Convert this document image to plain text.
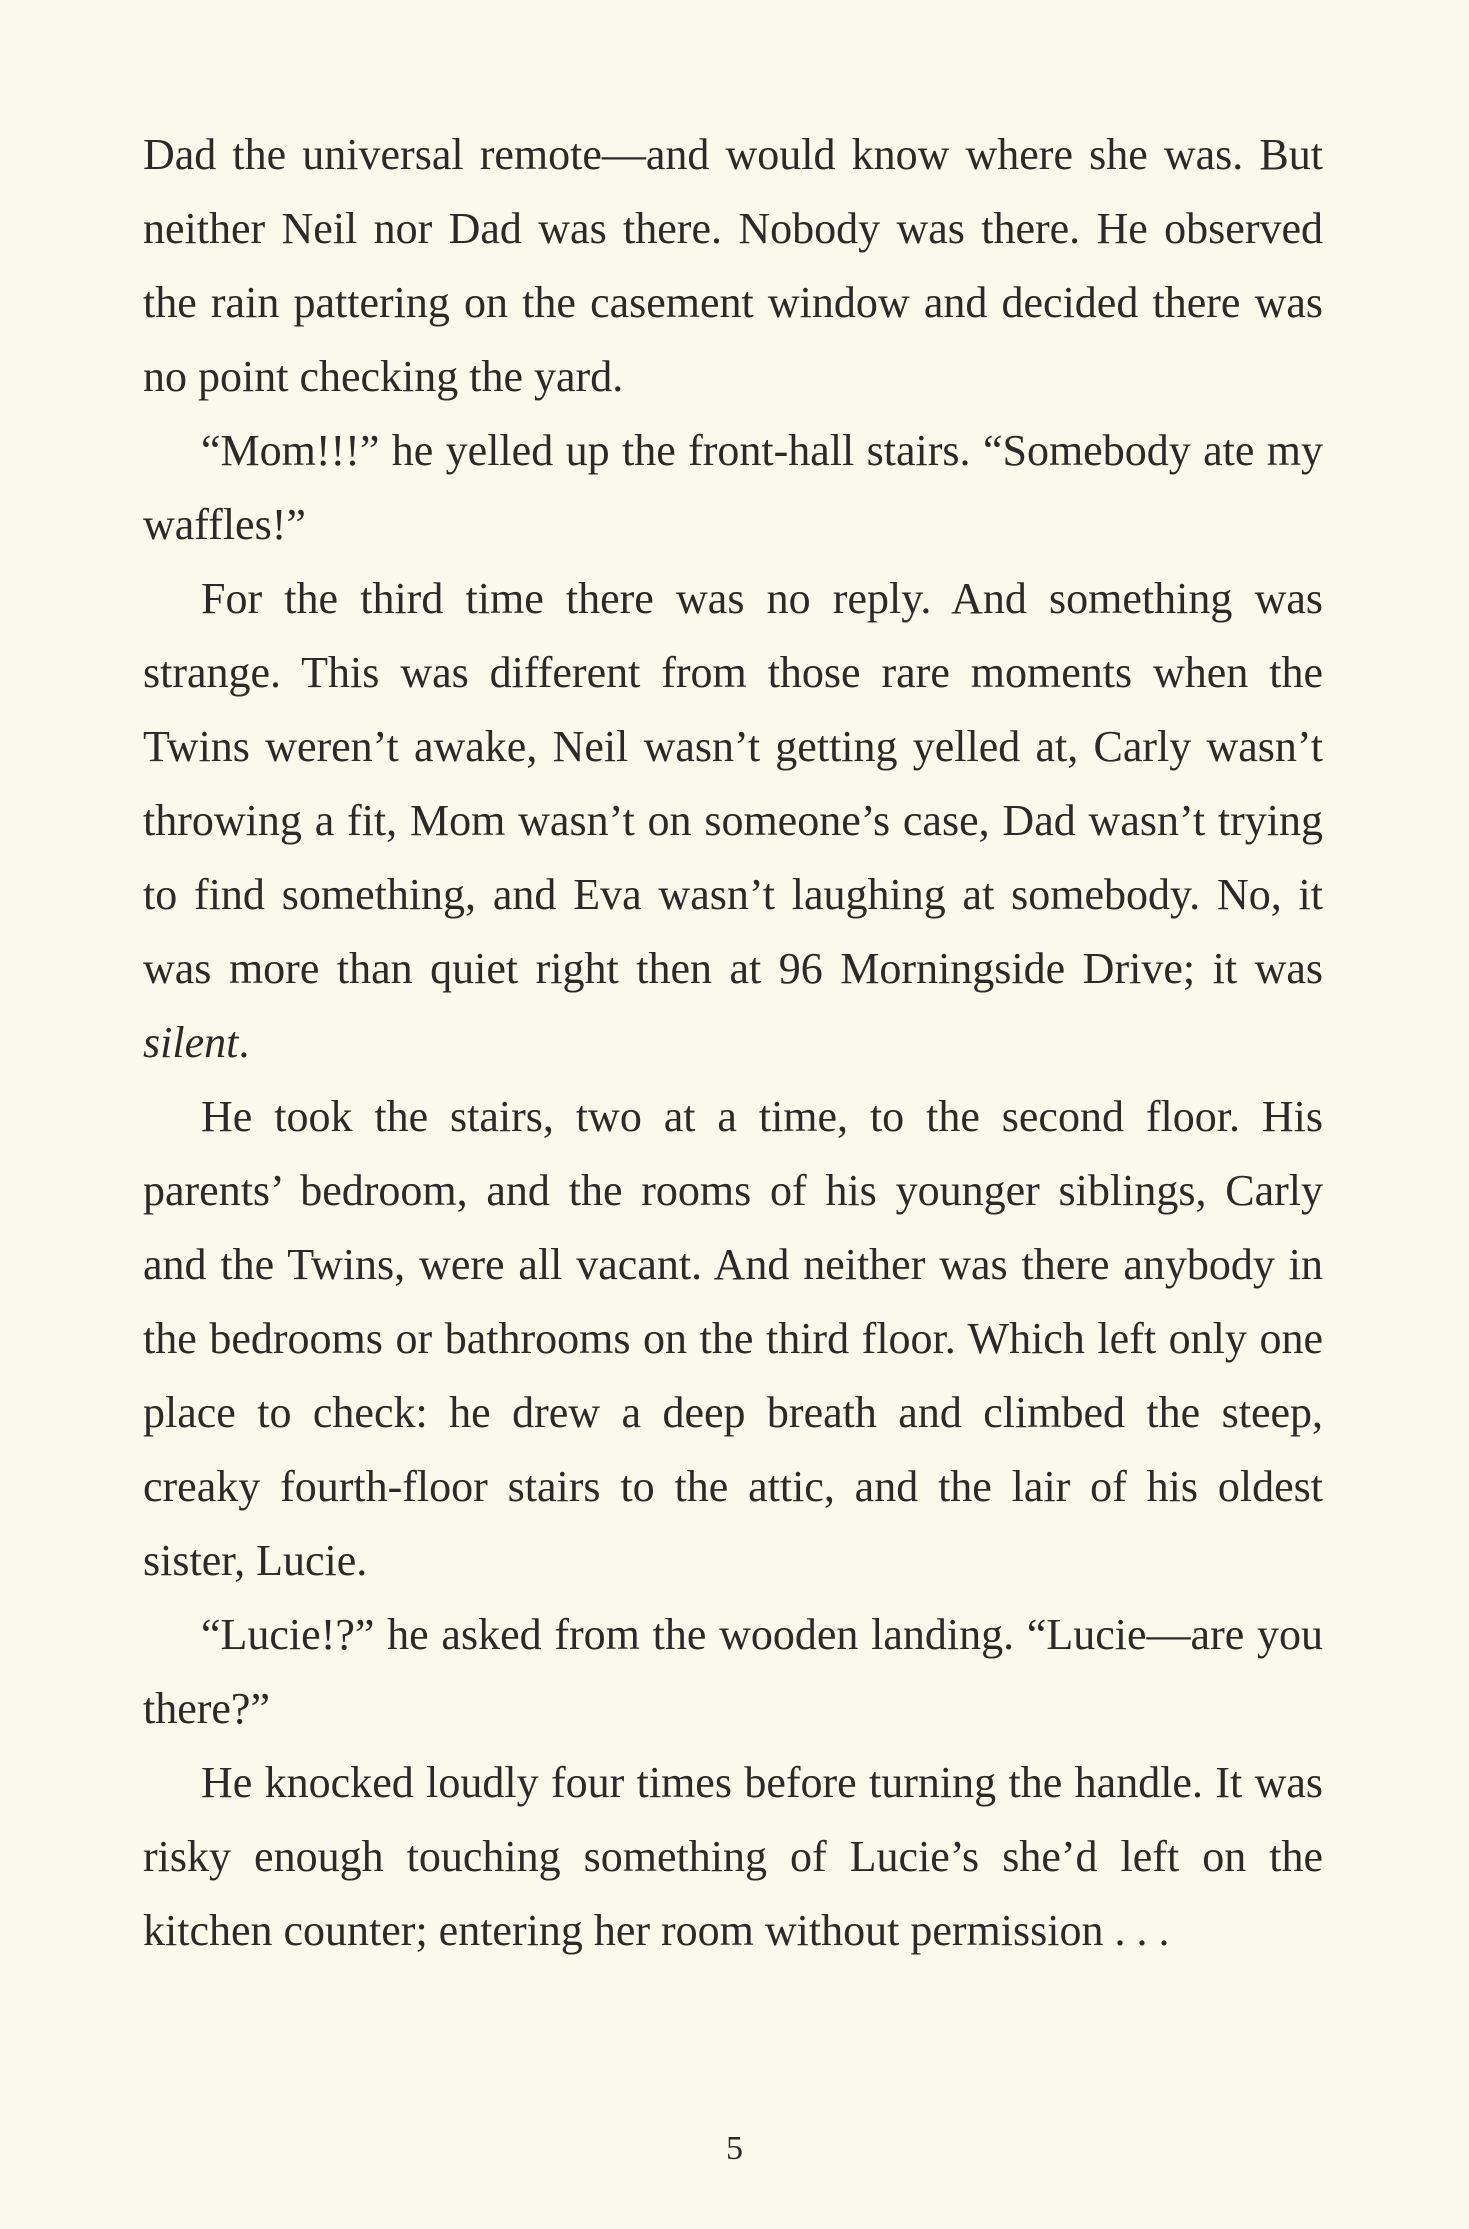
Dad the universal remote—and would know where she was. But neither Neil nor Dad was there. Nobody was there. He observed the rain pattering on the casement window and decided there was no point checking the yard.

“Mom!!!” he yelled up the front-hall stairs. “Somebody ate my waffles!”

For the third time there was no reply. And something was strange. This was different from those rare moments when the Twins weren’t awake, Neil wasn’t getting yelled at, Carly wasn’t throwing a fit, Mom wasn’t on someone’s case, Dad wasn’t trying to find something, and Eva wasn’t laughing at somebody. No, it was more than quiet right then at 96 Morningside Drive; it was silent.

He took the stairs, two at a time, to the second floor. His parents’ bedroom, and the rooms of his younger siblings, Carly and the Twins, were all vacant. And neither was there anybody in the bedrooms or bathrooms on the third floor. Which left only one place to check: he drew a deep breath and climbed the steep, creaky fourth-floor stairs to the attic, and the lair of his oldest sister, Lucie.

“Lucie!?” he asked from the wooden landing. “Lucie—are you there?”

He knocked loudly four times before turning the handle. It was risky enough touching something of Lucie’s she’d left on the kitchen counter; entering her room without permission . . .

5
